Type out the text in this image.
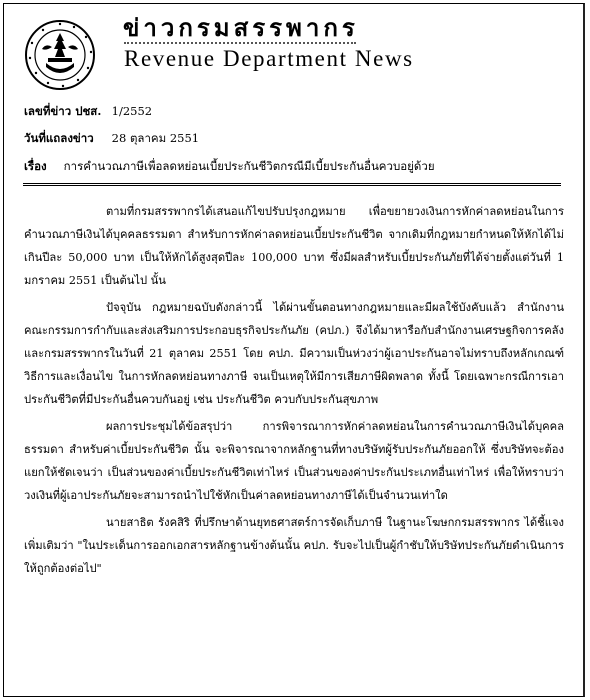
ข่าวกรมสรรพากร
Revenue Department News
เลขที่ข่าว ปชส. 1/2552
วันที่แถลงข่าว 28 ตุลาคม 2551
เรื่อง การคำนวณภาษีเพื่อลดหย่อนเบี้ยประกันชีวิตกรณีมีเบี้ยประกันอื่นควบอยู่ด้วย

ตามที่กรมสรรพากรได้เสนอแก้ไขปรับปรุงกฎหมาย เพื่อขยายวงเงินการหักค่าลดหย่อนในการคำนวณภาษีเงินได้บุคคลธรรมดา สำหรับการหักค่าลดหย่อนเบี้ยประกันชีวิต จากเดิมที่กฎหมายกำหนดให้หักได้ไม่เกินปีละ 50,000 บาท เป็นให้หักได้สูงสุดปีละ 100,000 บาท ซึ่งมีผลสำหรับเบี้ยประกันภัยที่ได้จ่ายตั้งแต่วันที่ 1 มกราคม 2551 เป็นต้นไป นั้น

ปัจจุบัน กฎหมายฉบับดังกล่าวนี้ ได้ผ่านขั้นตอนทางกฎหมายและมีผลใช้บังคับแล้ว สำนักงานคณะกรรมการกำกับและส่งเสริมการประกอบธุรกิจประกันภัย (คปภ.) จึงได้มาหารือกับสำนักงานเศรษฐกิจการคลังและกรมสรรพากรในวันที่ 21 ตุลาคม 2551 โดย คปภ. มีความเป็นห่วงว่าผู้เอาประกันอาจไม่ทราบถึงหลักเกณฑ์ วิธีการและเงื่อนไข ในการหักลดหย่อนทางภาษี จนเป็นเหตุให้มีการเสียภาษีผิดพลาด ทั้งนี้ โดยเฉพาะกรณีการเอาประกันชีวิตที่มีประกันอื่นควบกันอยู่ เช่น ประกันชีวิต ควบกับประกันสุขภาพ

ผลการประชุมได้ข้อสรุปว่า การพิจารณาการหักค่าลดหย่อนในการคำนวณภาษีเงินได้บุคคลธรรมดา สำหรับค่าเบี้ยประกันชีวิต นั้น จะพิจารณาจากหลักฐานที่ทางบริษัทผู้รับประกันภัยออกให้ ซึ่งบริษัทจะต้องแยกให้ชัดเจนว่า เป็นส่วนของค่าเบี้ยประกันชีวิตเท่าไหร่ เป็นส่วนของค่าประกันประเภทอื่นเท่าไหร่ เพื่อให้ทราบว่าวงเงินที่ผู้เอาประกันภัยจะสามารถนำไปใช้หักเป็นค่าลดหย่อนทางภาษีได้เป็นจำนวนเท่าใด

นายสาธิต รังคสิริ ที่ปรึกษาด้านยุทธศาสตร์การจัดเก็บภาษี ในฐานะโฆษกกรมสรรพากร ได้ชี้แจงเพิ่มเติมว่า "ในประเด็นการออกเอกสารหลักฐานข้างต้นนั้น คปภ. รับจะไปเป็นผู้กำชับให้บริษัทประกันภัยดำเนินการให้ถูกต้องต่อไป"
